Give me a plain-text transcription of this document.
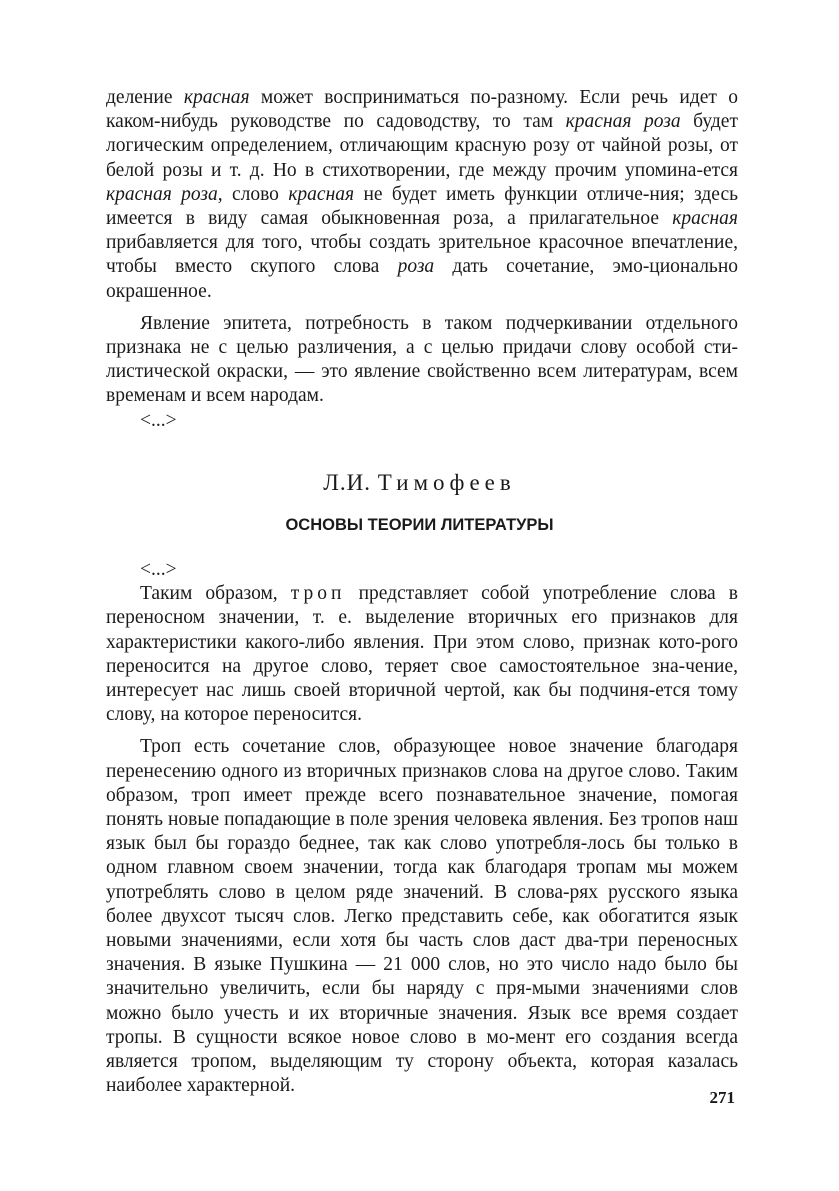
деление красная может восприниматься по-разному. Если речь идет о каком-нибудь руководстве по садоводству, то там красная роза будет логическим определением, отличающим красную розу от чайной розы, от белой розы и т. д. Но в стихотворении, где между прочим упомина-ется красная роза, слово красная не будет иметь функции отличе-ния; здесь имеется в виду самая обыкновенная роза, а прилагательное красная прибавляется для того, чтобы создать зрительное красочное впечатление, чтобы вместо скупого слова роза дать сочетание, эмо-ционально окрашенное.

Явление эпитета, потребность в таком подчеркивании отдельного признака не с целью различения, а с целью придачи слову особой сти-листической окраски, — это явление свойственно всем литературам, всем временам и всем народам.

<...>

Л.И. Тимофеев
ОСНОВЫ ТЕОРИИ ЛИТЕРАТУРЫ

<...>

Таким образом, троп представляет собой употребление слова в переносном значении, т. е. выделение вторичных его признаков для характеристики какого-либо явления. При этом слово, признак кото-рого переносится на другое слово, теряет свое самостоятельное зна-чение, интересует нас лишь своей вторичной чертой, как бы подчиня-ется тому слову, на которое переносится.

Троп есть сочетание слов, образующее новое значение благодаря перенесению одного из вторичных признаков слова на другое слово. Таким образом, троп имеет прежде всего познавательное значение, помогая понять новые попадающие в поле зрения человека явления. Без тропов наш язык был бы гораздо беднее, так как слово употребля-лось бы только в одном главном своем значении, тогда как благодаря тропам мы можем употреблять слово в целом ряде значений. В слова-рях русского языка более двухсот тысяч слов. Легко представить себе, как обогатится язык новыми значениями, если хотя бы часть слов даст два-три переносных значения. В языке Пушкина — 21 000 слов, но это число надо было бы значительно увеличить, если бы наряду с пря-мыми значениями слов можно было учесть и их вторичные значения. Язык все время создает тропы. В сущности всякое новое слово в мо-мент его создания всегда является тропом, выделяющим ту сторону объекта, которая казалась наиболее характерной.

271
